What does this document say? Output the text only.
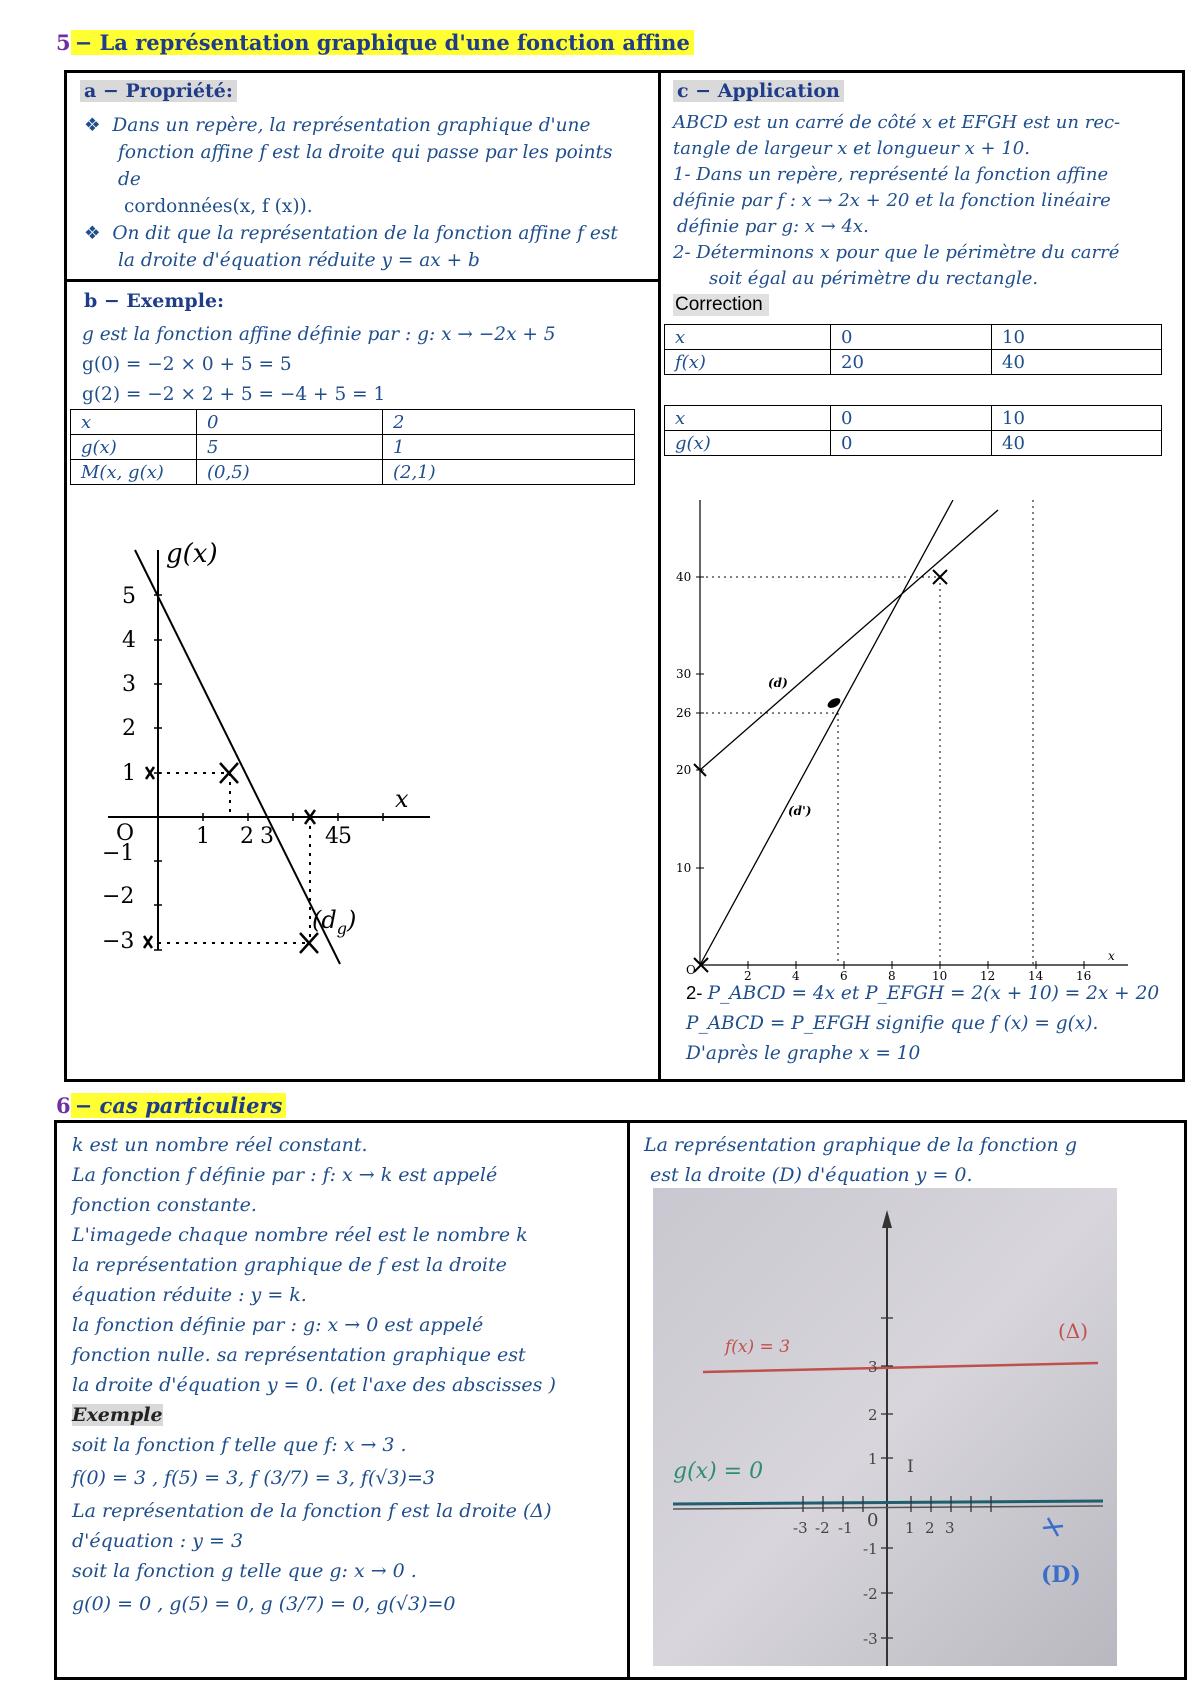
5 − La représentation graphique d'une fonction affine
a − Propriété:
❖ Dans un repère, la représentation graphique d'une
fonction affine f est la droite qui passe par les points
de
cordonnées(x, f (x)).
❖ On dit que la représentation de la fonction affine f est
la droite d'équation réduite y = ax + b
b − Exemple:
g est la fonction affine définie par : g: x → −2x + 5
g(0) = −2 × 0 + 5 = 5
g(2) = −2 × 2 + 5 = −4 + 5 = 1
x	0	2
g(x)	5	1
M(x, g(x)	(0,5)	(2,1)
g(x)
x
O	1 2 3 4 5
5
4
3
2
1
−1
−2
−3
$(d_g)$
c − Application
ABCD est un carré de côté x et EFGH est un rec-
tangle de largeur x et longueur x + 10.
1- Dans un repère, représenté la fonction affine
définie par f : x → 2x + 20 et la fonction linéaire
définie par g: x → 4x.
2- Déterminons x pour que le périmètre du carré
soit égal au périmètre du rectangle.
Correction
x	0	10
f(x)	20	40
x	0	10
g(x)	0	40
40
30
26
20
10
O	2	4	6	8	10	12	14	16
x
(d)
(d')
2- P_ABCD = 4x et P_EFGH = 2(x + 10) = 2x + 20
P_ABCD = P_EFGH signifie que f (x) = g(x).
D'après le graphe x = 10
6 − cas particuliers
k est un nombre réel constant.
La fonction f définie par : f: x → k est appelé
fonction constante.
L'imagede chaque nombre réel est le nombre k
la représentation graphique de f est la droite
équation réduite : y = k.
la fonction définie par : g: x → 0 est appelé
fonction nulle. sa représentation graphique est
la droite d'équation y = 0. (et l'axe des abscisses )
Exemple
soit la fonction f telle que f: x → 3 .
f(0) = 3 , f(5) = 3, f (3/7) = 3, f(√3)=3
La représentation de la fonction f est la droite (Δ)
d'équation : y = 3
soit la fonction g telle que g: x → 0 .
g(0) = 0 , g(5) = 0, g (3/7) = 0, g(√3)=0
La représentation graphique de la fonction g
est la droite (D) d'équation y = 0.
-3 -2 -1 0 1 2 3
3
2
1
-1
-2
-3
I
f(x) = 3
(Δ)
g(x) = 0
(D)
